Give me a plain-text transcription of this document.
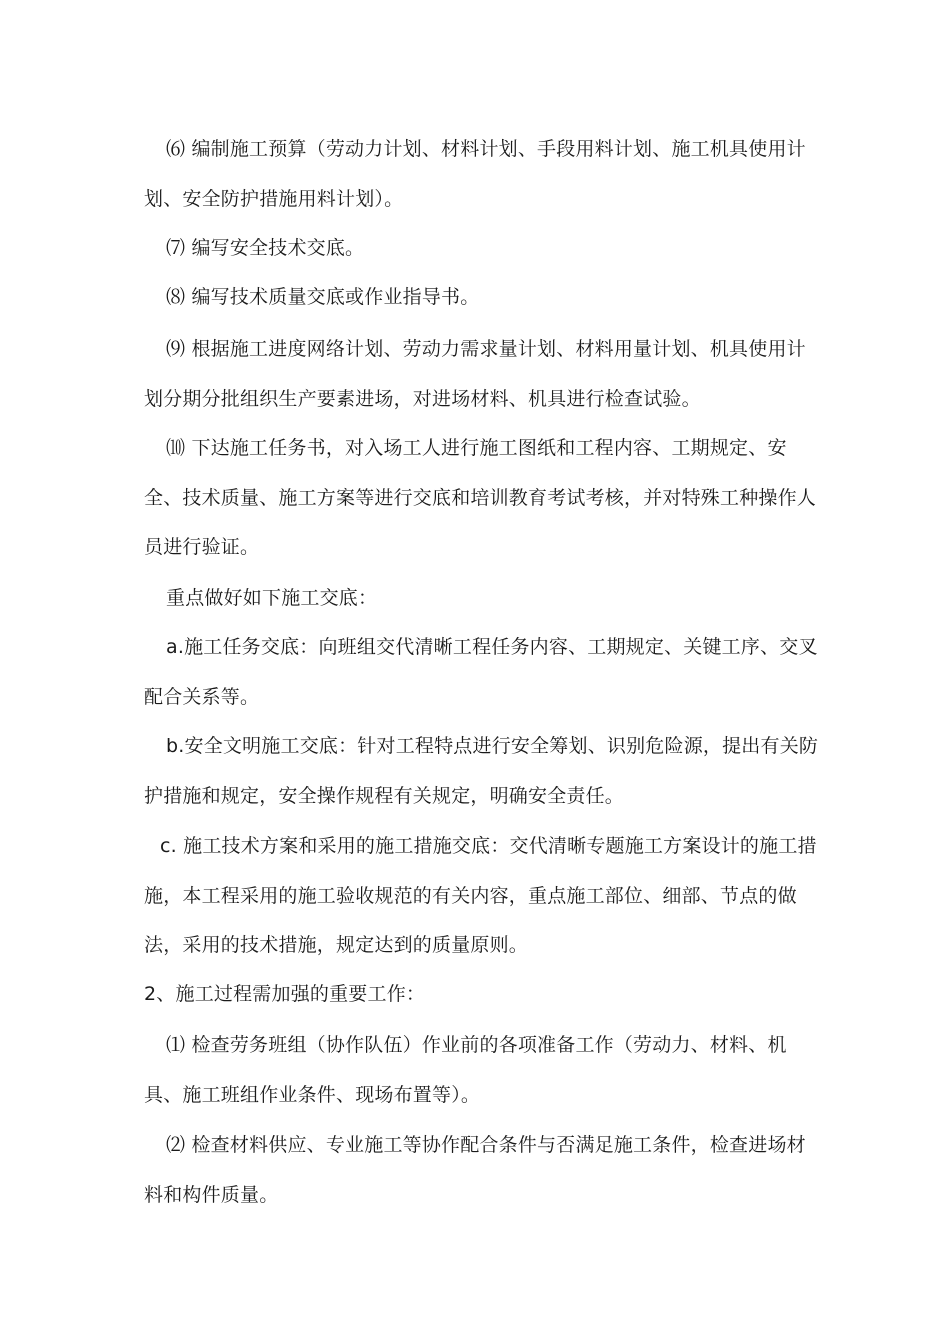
⑹ 编制施工预算（劳动力计划、材料计划、手段用料计划、施工机具使用计划、安全防护措施用料计划）。

⑺ 编写安全技术交底。

⑻ 编写技术质量交底或作业指导书。

⑼ 根据施工进度网络计划、劳动力需求量计划、材料用量计划、机具使用计划分期分批组织生产要素进场，对进场材料、机具进行检查试验。

⑽ 下达施工任务书，对入场工人进行施工图纸和工程内容、工期规定、安全、技术质量、施工方案等进行交底和培训教育考试考核，并对特殊工种操作人员进行验证。

重点做好如下施工交底：

a.施工任务交底：向班组交代清晰工程任务内容、工期规定、关键工序、交叉配合关系等。

b.安全文明施工交底：针对工程特点进行安全筹划、识别危险源，提出有关防护措施和规定，安全操作规程有关规定，明确安全责任。

c. 施工技术方案和采用的施工措施交底：交代清晰专题施工方案设计的施工措施，本工程采用的施工验收规范的有关内容，重点施工部位、细部、节点的做法，采用的技术措施，规定达到的质量原则。

2、施工过程需加强的重要工作：

⑴ 检查劳务班组（协作队伍）作业前的各项准备工作（劳动力、材料、机具、施工班组作业条件、现场布置等）。

⑵ 检查材料供应、专业施工等协作配合条件与否满足施工条件，检查进场材料和构件质量。
